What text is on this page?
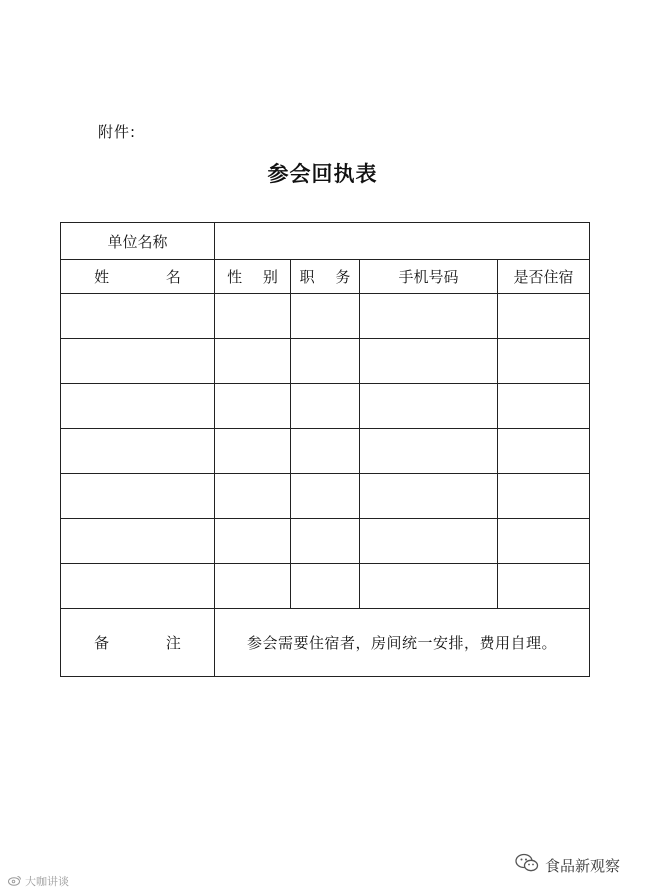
附件:
参会回执表
单位名称				
姓 名	性 别	职 务	手机号码	是否住宿

备 注	参会需要住宿者，房间统一安排，费用自理。			
大咖讲谈
食品新观察
